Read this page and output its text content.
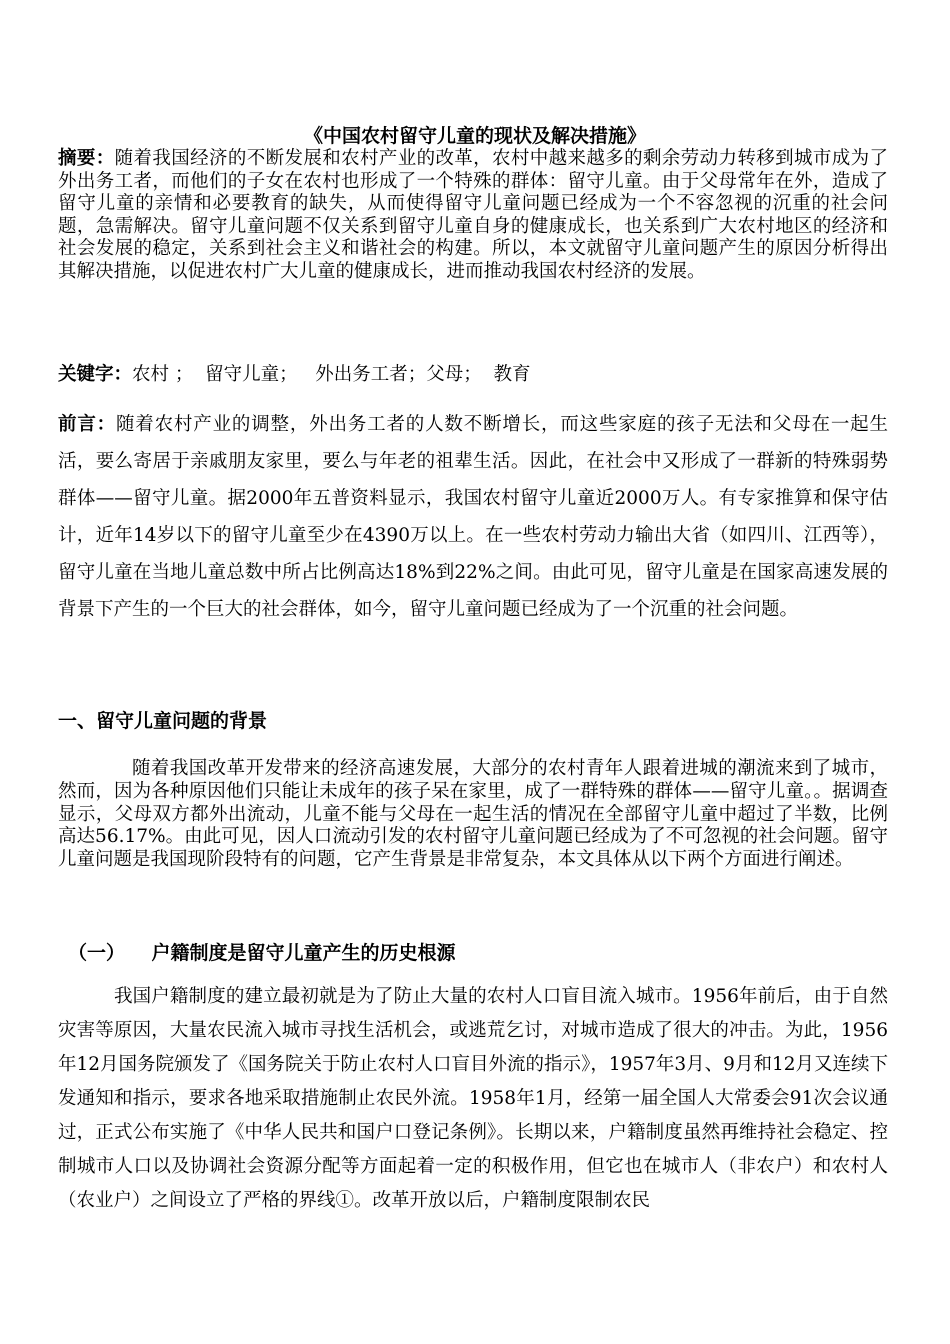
《中国农村留守儿童的现状及解决措施》
摘要：随着我国经济的不断发展和农村产业的改革，农村中越来越多的剩余劳动力转移到城市成为了外出务工者，而他们的子女在农村也形成了一个特殊的群体：留守儿童。由于父母常年在外，造成了留守儿童的亲情和必要教育的缺失，从而使得留守儿童问题已经成为一个不容忽视的沉重的社会问题，急需解决。留守儿童问题不仅关系到留守儿童自身的健康成长，也关系到广大农村地区的经济和社会发展的稳定，关系到社会主义和谐社会的构建。所以，本文就留守儿童问题产生的原因分析得出其解决措施，以促进农村广大儿童的健康成长，进而推动我国农村经济的发展。
关键字：农村 ；  留守儿童；   外出务工者；父母；  教育
前言：随着农村产业的调整，外出务工者的人数不断增长，而这些家庭的孩子无法和父母在一起生活，要么寄居于亲戚朋友家里，要么与年老的祖辈生活。因此，在社会中又形成了一群新的特殊弱势群体——留守儿童。据2000年五普资料显示，我国农村留守儿童近2000万人。有专家推算和保守估计，近年14岁以下的留守儿童至少在4390万以上。在一些农村劳动力输出大省（如四川、江西等），留守儿童在当地儿童总数中所占比例高达18%到22%之间。由此可见，留守儿童是在国家高速发展的背景下产生的一个巨大的社会群体，如今，留守儿童问题已经成为了一个沉重的社会问题。
一、留守儿童问题的背景
随着我国改革开发带来的经济高速发展，大部分的农村青年人跟着进城的潮流来到了城市，然而，因为各种原因他们只能让未成年的孩子呆在家里，成了一群特殊的群体——留守儿童。。据调查显示，父母双方都外出流动，儿童不能与父母在一起生活的情况在全部留守儿童中超过了半数，比例高达56.17%。由此可见，因人口流动引发的农村留守儿童问题已经成为了不可忽视的社会问题。留守儿童问题是我国现阶段特有的问题，它产生背景是非常复杂，本文具体从以下两个方面进行阐述。
（一）    户籍制度是留守儿童产生的历史根源
我国户籍制度的建立最初就是为了防止大量的农村人口盲目流入城市。1956年前后，由于自然灾害等原因，大量农民流入城市寻找生活机会，或逃荒乞讨，对城市造成了很大的冲击。为此，1956年12月国务院颁发了《国务院关于防止农村人口盲目外流的指示》，1957年3月、9月和12月又连续下发通知和指示，要求各地采取措施制止农民外流。1958年1月，经第一届全国人大常委会91次会议通过，正式公布实施了《中华人民共和国户口登记条例》。长期以来，户籍制度虽然再维持社会稳定、控制城市人口以及协调社会资源分配等方面起着一定的积极作用，但它也在城市人（非农户）和农村人（农业户）之间设立了严格的界线①。改革开放以后，户籍制度限制农民
